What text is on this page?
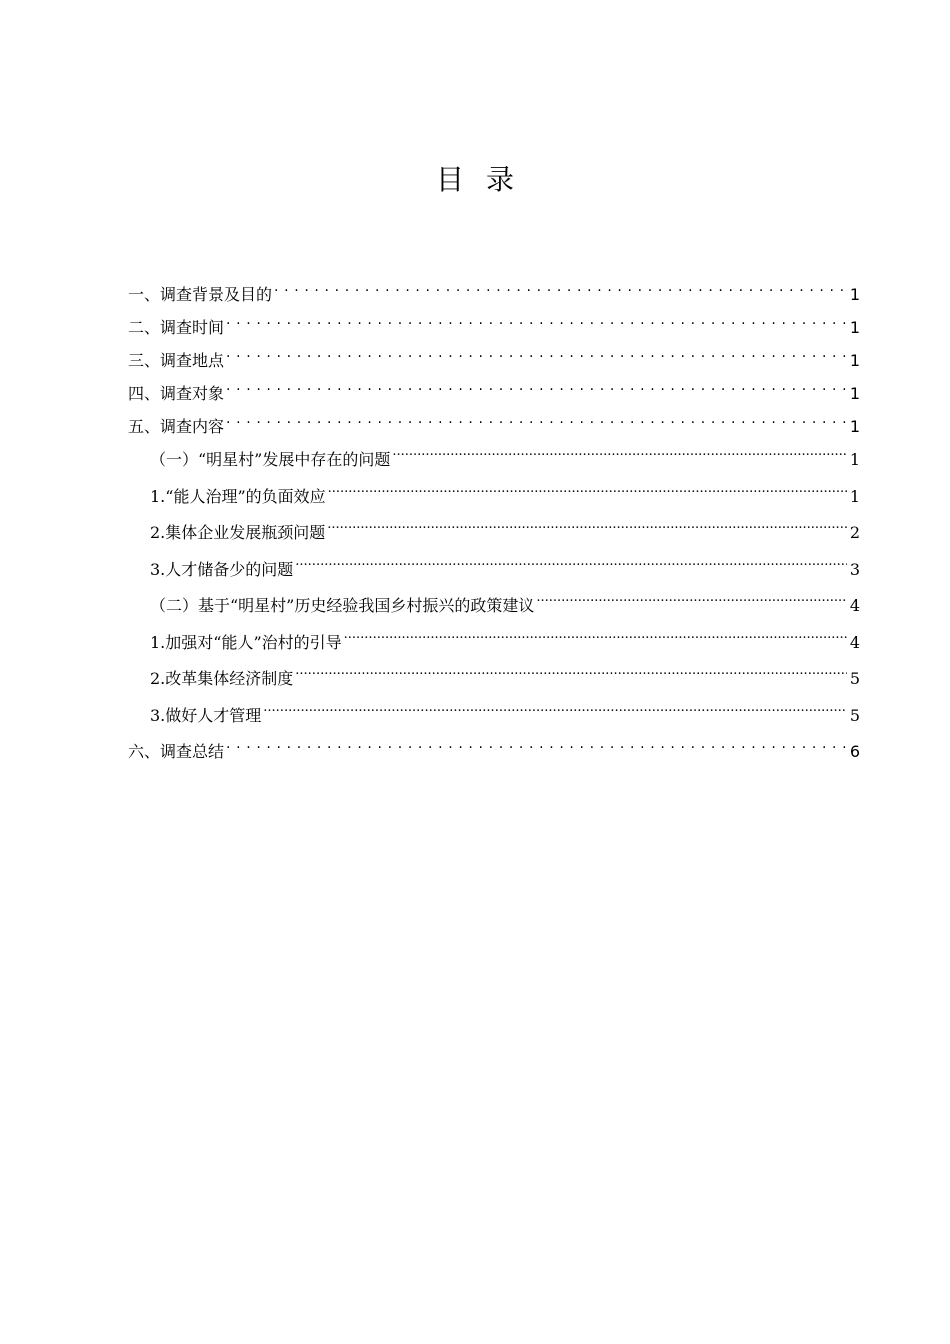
目录
一、调查背景及目的 . . .	1
二、调查时间 . . .	1
三、调查地点 . . .	1
四、调查对象 . . .	1
五、调查内容 . . .	1
（一）“明星村”发展中存在的问题 .....	1
1.“能人治理”的负面效应 .....	1
2.集体企业发展瓶颈问题 .....	2
3.人才储备少的问题 .....	3
（二）基于“明星村”历史经验我国乡村振兴的政策建议 .....	4
1.加强对“能人”治村的引导 .....	4
2.改革集体经济制度 .....	5
3.做好人才管理 .....	5
六、调查总结 . . .	6
